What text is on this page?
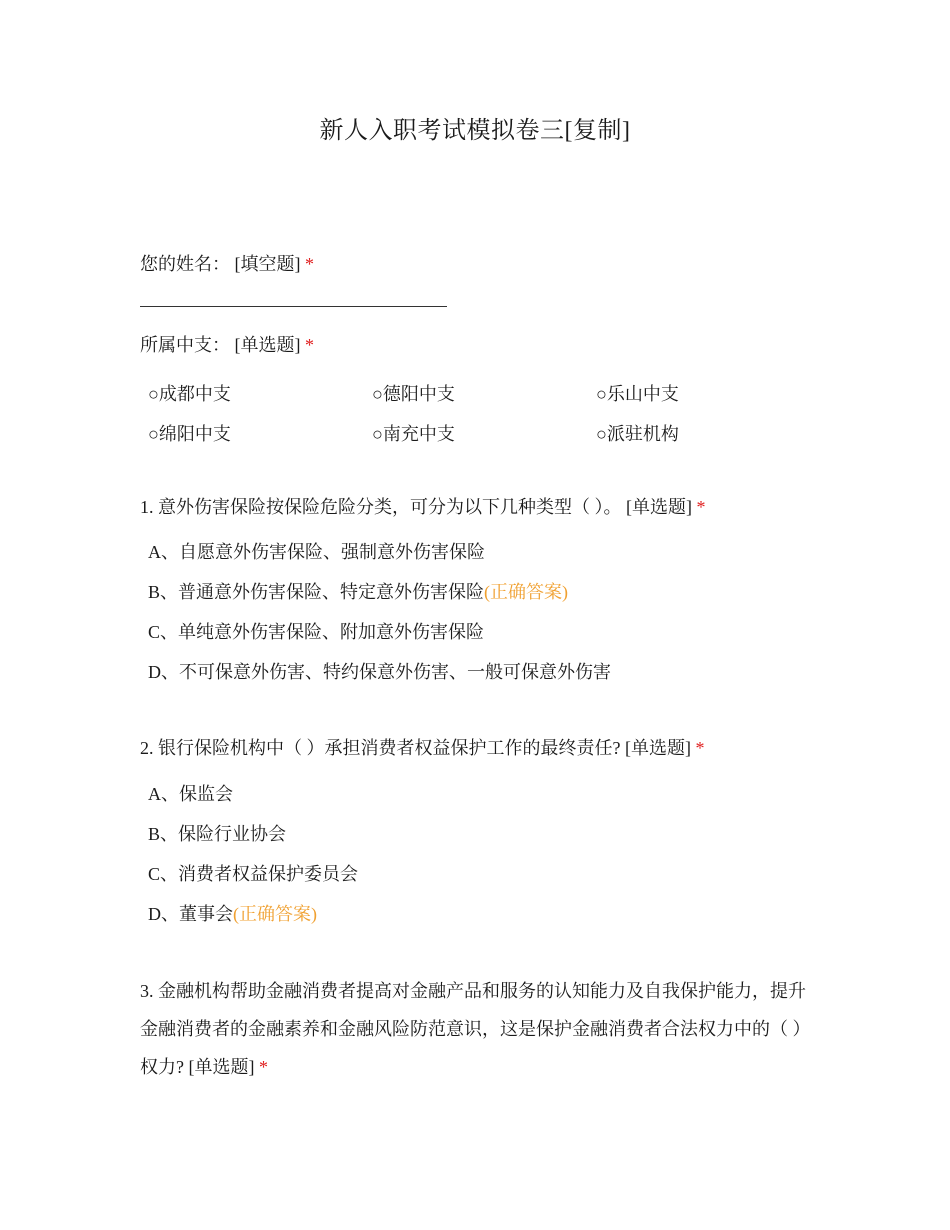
新人入职考试模拟卷三[复制]
您的姓名： [填空题] *
所属中支： [单选题] *
○成都中支	○德阳中支	○乐山中支
○绵阳中支	○南充中支	○派驻机构
1. 意外伤害保险按保险危险分类，可分为以下几种类型（ ）。 [单选题] *
A、自愿意外伤害保险、强制意外伤害保险
B、普通意外伤害保险、特定意外伤害保险(正确答案)
C、单纯意外伤害保险、附加意外伤害保险
D、不可保意外伤害、特约保意外伤害、一般可保意外伤害
2. 银行保险机构中（ ）承担消费者权益保护工作的最终责任? [单选题] *
A、保监会
B、保险行业协会
C、消费者权益保护委员会
D、董事会(正确答案)
3. 金融机构帮助金融消费者提高对金融产品和服务的认知能力及自我保护能力，提升金融消费者的金融素养和金融风险防范意识，这是保护金融消费者合法权力中的（ ）权力? [单选题] *
